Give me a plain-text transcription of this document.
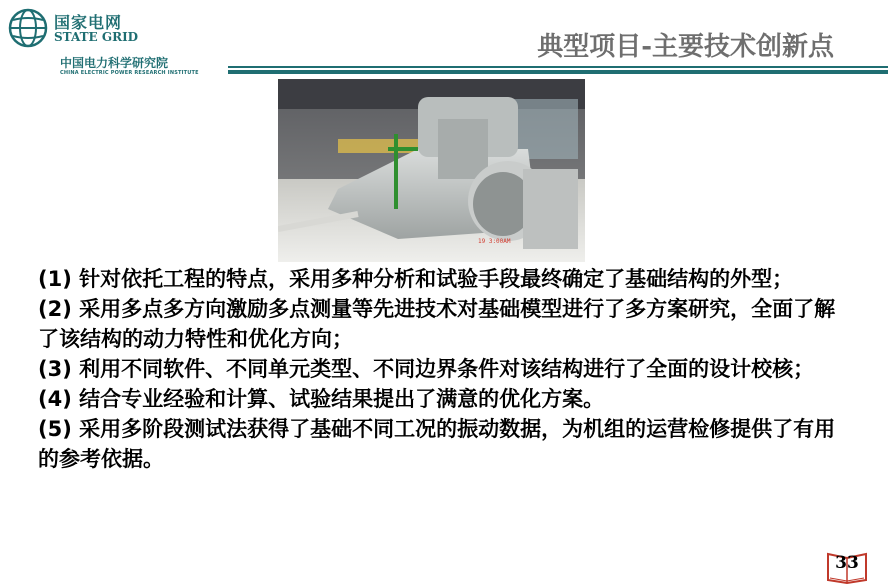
国家电网
STATE GRID
中国电力科学研究院
CHINA ELECTRIC POWER RESEARCH INSTITUTE
典型项目-主要技术创新点
19 3:00AM
(1) 针对依托工程的特点，采用多种分析和试验手段最终确定了基础结构的外型；
(2) 采用多点多方向激励多点测量等先进技术对基础模型进行了多方案研究，全面了解了该结构的动力特性和优化方向；
(3) 利用不同软件、不同单元类型、不同边界条件对该结构进行了全面的设计校核；
(4) 结合专业经验和计算、试验结果提出了满意的优化方案。
(5) 采用多阶段测试法获得了基础不同工况的振动数据，为机组的运营检修提供了有用的参考依据。
33
